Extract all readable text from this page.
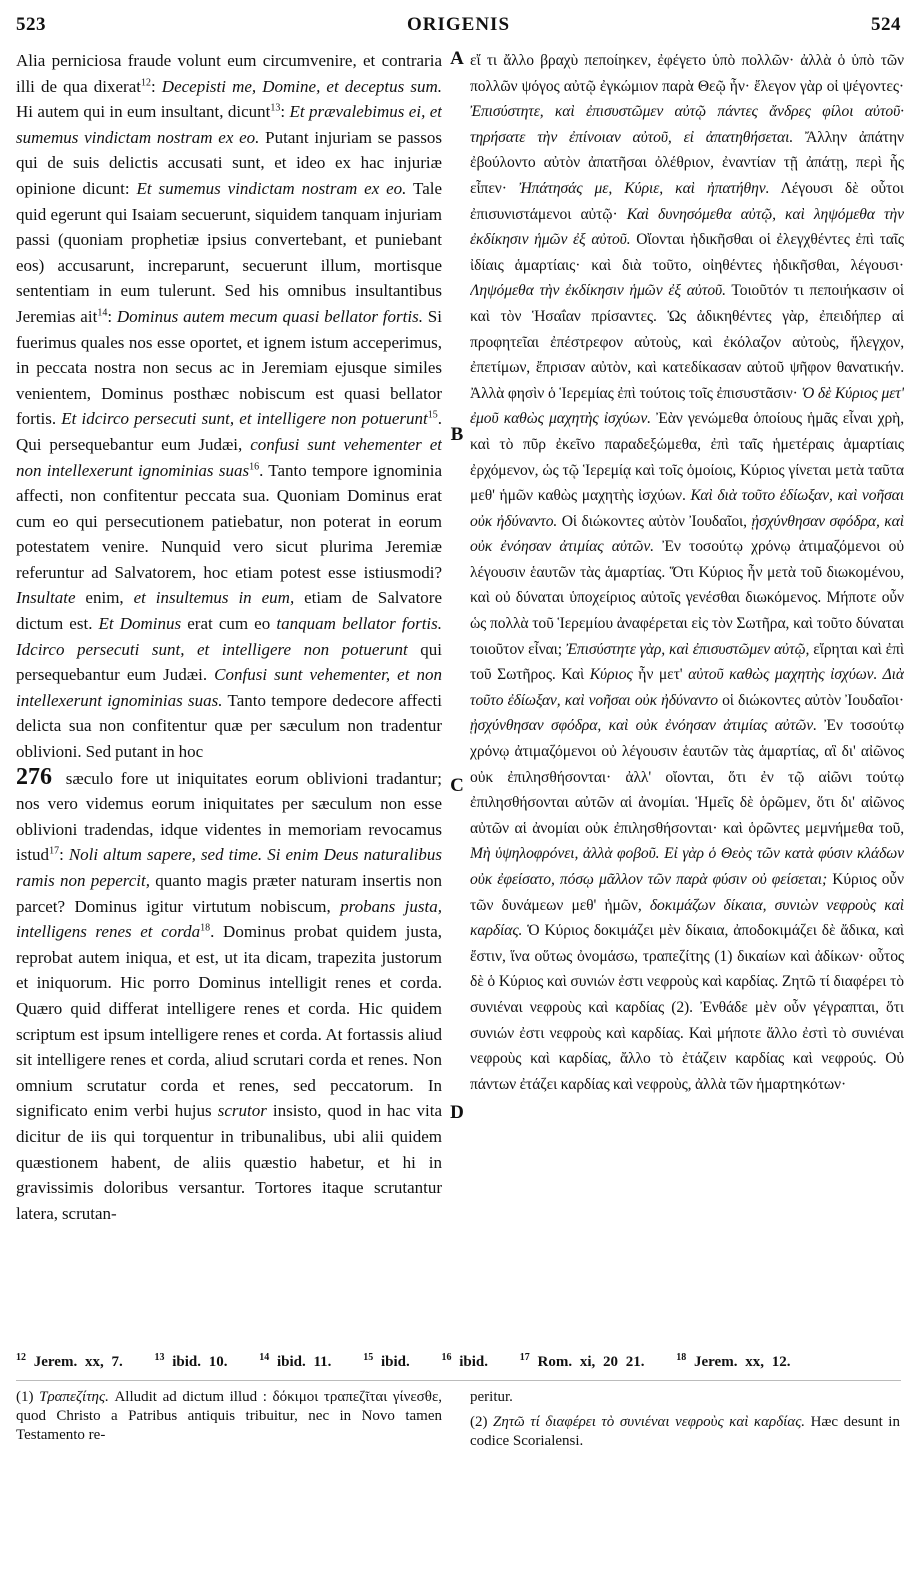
523	ORIGENIS	524

Alia perniciosa fraude volunt eum circumvenire, et contraria illi de qua dixerat$^{12}$: Decepisti me, Domine, et deceptus sum. Hi autem qui in eum insultant, dicunt$^{13}$: Et prævalebimus ei, et sumemus vindictam nostram ex eo. Putant injuriam se passos qui de suis delictis accusati sunt, et ideo ex hac injuriæ opinione dicunt: Et sumemus vindictam nostram ex eo. Tale quid egerunt qui Isaiam secuerunt, siquidem tanquam injuriam passi (quoniam prophetiæ ipsius convertebant, et puniebant eos) accusarunt, increparunt, secuerunt illum, mortisque sententiam in eum tulerunt. Sed his omnibus insultantibus Jeremias ait$^{14}$: Dominus autem mecum quasi bellator fortis. Si fuerimus quales nos esse oportet, et ignem istum acceperimus, in peccata nostra non secus ac in Jeremiam ejusque similes venientem, Dominus posthæc nobiscum est quasi bellator fortis. Et idcirco persecuti sunt, et intelligere non potuerunt$^{15}$. Qui persequebantur eum Judæi, confusi sunt vehementer et non intellexerunt ignominias suas$^{16}$. Tanto tempore ignominia affecti, non confitentur peccata sua. Quoniam Dominus erat cum eo qui persecutionem patiebatur, non poterat in eorum potestatem venire. Nunquid vero sicut plurima Jeremiæ referuntur ad Salvatorem, hoc etiam potest esse istiusmodi? Insultate enim, et insultemus in eum, etiam de Salvatore dictum est. Et Dominus erat cum eo tanquam bellator fortis. Idcirco persecuti sunt, et intelligere non potuerunt qui persequebantur eum Judæi. Confusi sunt vehementer, et non intellexerunt ignominias suas. Tanto tempore dedecore affecti delicta sua non confitentur quæ per sæculum non tradentur oblivioni. Sed putant in hoc
276 sæculo fore ut iniquitates eorum oblivioni tradantur; nos vero videmus eorum iniquitates per sæculum non esse oblivioni tradendas, idque videntes in memoriam revocamus istud$^{17}$: Noli altum sapere, sed time. Si enim Deus naturalibus ramis non pepercit, quanto magis præter naturam insertis non parcet? Dominus igitur virtutum nobiscum, probans justa, intelligens renes et corda$^{18}$. Dominus probat quidem justa, reprobat autem iniqua, et est, ut ita dicam, trapezita justorum et iniquorum. Hic porro Dominus intelligit renes et corda. Quæro quid differat intelligere renes et corda. Hic quidem scriptum est ipsum intelligere renes et corda. At fortassis aliud sit intelligere renes et corda, aliud scrutari corda et renes. Non omnium scrutatur corda et renes, sed peccatorum. In significato enim verbi hujus scrutor insisto, quod in hac vita dicitur de iis qui torquentur in tribunalibus, ubi alii quidem quæstionem habent, de aliis quæstio habetur, et hi in gravissimis doloribus versantur. Tortores itaque scrutantur latera, scrutan-

A
B
C
D

εἴ τι ἄλλο βραχὺ πεποίηκεν, ἐφέγετο ὑπὸ πολλῶν· ἀλλὰ ὁ ὑπὸ τῶν πολλῶν ψόγος αὐτῷ ἐγκώμιον παρὰ Θεῷ ἦν· ἔλεγον γὰρ οἱ ψέγοντες· Ἐπισύστητε, καὶ ἐπισυστῶμεν αὐτῷ πάντες ἄνδρες φίλοι αὐτοῦ· τηρήσατε τὴν ἐπίνοιαν αὐτοῦ, εἰ ἀπατηθήσεται. Ἄλλην ἀπάτην ἐβούλοντο αὐτὸν ἀπατῆσαι ὀλέθριον, ἐναντίαν τῇ ἀπάτῃ, περὶ ἧς εἶπεν· Ἠπάτησάς με, Κύριε, καὶ ἠπατήθην. Λέγουσι δὲ οὗτοι ἐπισυνιστάμενοι αὐτῷ· Καὶ δυνησόμεθα αὐτῷ, καὶ ληψόμεθα τὴν ἐκδίκησιν ἡμῶν ἐξ αὐτοῦ. Οἴονται ἠδικῆσθαι οἱ ἐλεγχθέντες ἐπὶ ταῖς ἰδίαις ἁμαρτίαις· καὶ διὰ τοῦτο, οἰηθέντες ἠδικῆσθαι, λέγουσι· Ληψόμεθα τὴν ἐκδίκησιν ἡμῶν ἐξ αὐτοῦ. Τοιοῦτόν τι πεποιήκασιν οἱ καὶ τὸν Ἡσαΐαν πρίσαντες. Ὡς ἀδικηθέντες γὰρ, ἐπειδήπερ αἱ προφητεῖαι ἐπέστρεφον αὐτοὺς, καὶ ἐκόλαζον αὐτοὺς, ἤλεγχον, ἐπετίμων, ἔπρισαν αὐτὸν, καὶ κατεδίκασαν αὐτοῦ ψῆφον θανατικήν. Ἀλλὰ φησὶν ὁ Ἱερεμίας ἐπὶ τούτοις τοῖς ἐπισυστᾶσιν· Ὁ δὲ Κύριος μετ' ἐμοῦ καθὼς μαχητὴς ἰσχύων. Ἐὰν γενώμεθα ὁποίους ἡμᾶς εἶναι χρὴ, καὶ τὸ πῦρ ἐκεῖνο παραδεξώμεθα, ἐπὶ ταῖς ἡμετέραις ἁμαρτίαις ἐρχόμενον, ὡς τῷ Ἱερεμίᾳ καὶ τοῖς ὁμοίοις, Κύριος γίνεται μετὰ ταῦτα μεθ' ἡμῶν καθὼς μαχητὴς ἰσχύων. Καὶ διὰ τοῦτο ἐδίωξαν, καὶ νοῆσαι οὐκ ἠδύναντο. Οἱ διώκοντες αὐτὸν Ἰουδαῖοι, ᾐσχύνθησαν σφόδρα, καὶ οὐκ ἐνόησαν ἀτιμίας αὐτῶν. Ἐν τοσούτῳ χρόνῳ ἀτιμαζόμενοι οὐ λέγουσιν ἑαυτῶν τὰς ἁμαρτίας. Ὅτι Κύριος ἦν μετὰ τοῦ διωκομένου, καὶ οὐ δύναται ὑποχείριος αὐτοῖς γενέσθαι διωκόμενος. Μήποτε οὖν ὡς πολλὰ τοῦ Ἱερεμίου ἀναφέρεται εἰς τὸν Σωτῆρα, καὶ τοῦτο δύναται τοιοῦτον εἶναι; Ἐπισύστητε γὰρ, καὶ ἐπισυστῶμεν αὐτῷ, εἴρηται καὶ ἐπὶ τοῦ Σωτῆρος. Καὶ Κύριος ἦν μετ' αὐτοῦ καθὼς μαχητὴς ἰσχύων. Διὰ τοῦτο ἐδίωξαν, καὶ νοῆσαι οὐκ ἠδύναντο οἱ διώκοντες αὐτὸν Ἰουδαῖοι· ᾐσχύνθησαν σφόδρα, καὶ οὐκ ἐνόησαν ἀτιμίας αὐτῶν. Ἐν τοσούτῳ χρόνῳ ἀτιμαζόμενοι οὐ λέγουσιν ἑαυτῶν τὰς ἁμαρτίας, αἳ δι' αἰῶνος οὐκ ἐπιλησθήσονται· ἀλλ' οἴονται, ὅτι ἐν τῷ αἰῶνι τούτῳ ἐπιλησθήσονται αὐτῶν αἱ ἀνομίαι. Ἡμεῖς δὲ ὁρῶμεν, ὅτι δι' αἰῶνος αὐτῶν αἱ ἀνομίαι οὐκ ἐπιλησθήσονται· καὶ ὁρῶντες μεμνήμεθα τοῦ, Μὴ ὑψηλοφρόνει, ἀλλὰ φοβοῦ. Εἰ γὰρ ὁ Θεὸς τῶν κατὰ φύσιν κλάδων οὐκ ἐφείσατο, πόσῳ μᾶλλον τῶν παρὰ φύσιν οὐ φείσεται; Κύριος οὖν τῶν δυνάμεων μεθ' ἡμῶν, δοκιμάζων δίκαια, συνιὼν νεφροὺς καὶ καρδίας. Ὁ Κύριος δοκιμάζει μὲν δίκαια, ἀποδοκιμάζει δὲ ἄδικα, καὶ ἔστιν, ἵνα οὕτως ὀνομάσω, τραπεζίτης (1) δικαίων καὶ ἀδίκων· οὗτος δὲ ὁ Κύριος καὶ συνιών ἐστι νεφροὺς καὶ καρδίας. Ζητῶ τί διαφέρει τὸ συνιέναι νεφροὺς καὶ καρδίας (2). Ἐνθάδε μὲν οὖν γέγραπται, ὅτι συνιών ἐστι νεφροὺς καὶ καρδίας. Καὶ μήποτε ἄλλο ἐστὶ τὸ συνιέναι νεφροὺς καὶ καρδίας, ἄλλο τὸ ἐτάζειν καρδίας καὶ νεφρούς. Οὐ πάντων ἐτάζει καρδίας καὶ νεφροὺς, ἀλλὰ τῶν ἡμαρτηκότων·

$^{12}$ Jerem. xx, 7.	$^{13}$ ibid. 10.	$^{14}$ ibid. 11.	$^{15}$ ibid.	$^{16}$ ibid.	$^{17}$ Rom. xi, 20 21.	$^{18}$ Jerem. xx, 12.

(1) Τραπεζίτης. Alludit ad dictum illud : δόκιμοι τραπεζῖται γίνεσθε, quod Christo a Patribus antiquis tribuitur, nec in Novo tamen Testamento re-

peritur.

(2) Ζητῶ τί διαφέρει τὸ συνιέναι νεφροὺς καὶ καρδίας. Hæc desunt in codice Scorialensi.
